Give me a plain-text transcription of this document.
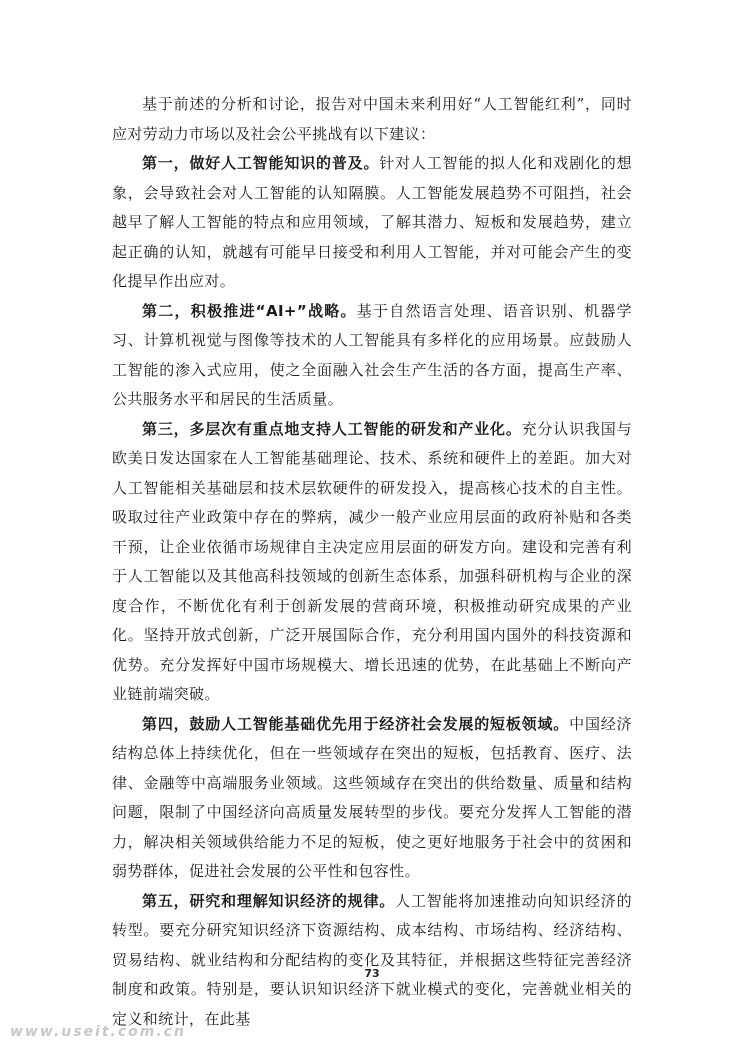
基于前述的分析和讨论，报告对中国未来利用好“人工智能红利”，同时应对劳动力市场以及社会公平挑战有以下建议：

第一，做好人工智能知识的普及。针对人工智能的拟人化和戏剧化的想象，会导致社会对人工智能的认知隔膜。人工智能发展趋势不可阻挡，社会越早了解人工智能的特点和应用领域，了解其潜力、短板和发展趋势，建立起正确的认知，就越有可能早日接受和利用人工智能，并对可能会产生的变化提早作出应对。

第二，积极推进“AI+”战略。基于自然语言处理、语音识别、机器学习、计算机视觉与图像等技术的人工智能具有多样化的应用场景。应鼓励人工智能的渗入式应用，使之全面融入社会生产生活的各方面，提高生产率、公共服务水平和居民的生活质量。

第三，多层次有重点地支持人工智能的研发和产业化。充分认识我国与欧美日发达国家在人工智能基础理论、技术、系统和硬件上的差距。加大对人工智能相关基础层和技术层软硬件的研发投入，提高核心技术的自主性。吸取过往产业政策中存在的弊病，减少一般产业应用层面的政府补贴和各类干预，让企业依循市场规律自主决定应用层面的研发方向。建设和完善有利于人工智能以及其他高科技领域的创新生态体系，加强科研机构与企业的深度合作，不断优化有利于创新发展的营商环境，积极推动研究成果的产业化。坚持开放式创新，广泛开展国际合作，充分利用国内国外的科技资源和优势。充分发挥好中国市场规模大、增长迅速的优势，在此基础上不断向产业链前端突破。

第四，鼓励人工智能基础优先用于经济社会发展的短板领域。中国经济结构总体上持续优化，但在一些领域存在突出的短板，包括教育、医疗、法律、金融等中高端服务业领域。这些领域存在突出的供给数量、质量和结构问题，限制了中国经济向高质量发展转型的步伐。要充分发挥人工智能的潜力，解决相关领域供给能力不足的短板，使之更好地服务于社会中的贫困和弱势群体，促进社会发展的公平性和包容性。

第五，研究和理解知识经济的规律。人工智能将加速推动向知识经济的转型。要充分研究知识经济下资源结构、成本结构、市场结构、经济结构、贸易结构、就业结构和分配结构的变化及其特征，并根据这些特征完善经济制度和政策。特别是，要认识知识经济下就业模式的变化，完善就业相关的定义和统计，在此基

73
www.useit.com.cn
